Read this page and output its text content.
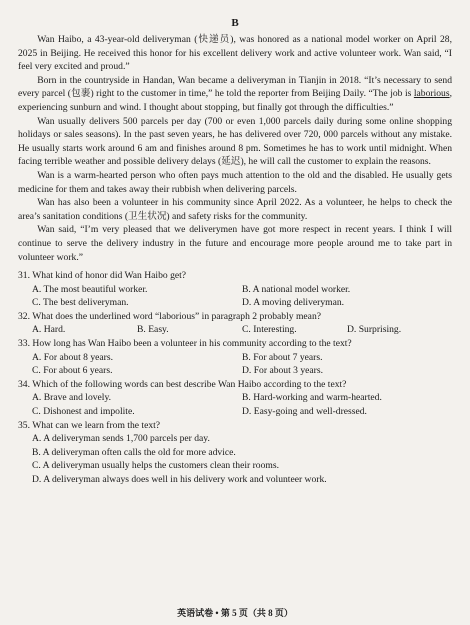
B

Wan Haibo, a 43-year-old deliveryman (快递员), was honored as a national model worker on April 28, 2025 in Beijing. He received this honor for his excellent delivery work and active volunteer work. Wan said, “I feel very excited and proud.”

Born in the countryside in Handan, Wan became a deliveryman in Tianjin in 2018. “It’s necessary to send every parcel (包裹) right to the customer in time,” he told the reporter from Beijing Daily. “The job is laborious, experiencing sunburn and wind. I thought about stopping, but finally got through the difficulties.”

Wan usually delivers 500 parcels per day (700 or even 1,000 parcels daily during some online shopping holidays or sales seasons). In the past seven years, he has delivered over 720, 000 parcels without any mistake. He usually starts work around 6 am and finishes around 8 pm. Sometimes he has to work until midnight. When facing terrible weather and possible delivery delays (延迟), he will call the customer to explain the reasons.

Wan is a warm-hearted person who often pays much attention to the old and the disabled. He usually gets medicine for them and takes away their rubbish when delivering parcels.

Wan has also been a volunteer in his community since April 2022. As a volunteer, he helps to check the area’s sanitation conditions (卫生状况) and safety risks for the community.

Wan said, “I’m very pleased that we deliverymen have got more respect in recent years. I think I will continue to serve the delivery industry in the future and encourage more people around me to take part in volunteer work.”

31. What kind of honor did Wan Haibo get?

A. The most beautiful worker.	B. A national model worker.
C. The best deliveryman.	D. A moving deliveryman.

32. What does the underlined word “laborious” in paragraph 2 probably mean?

A. Hard.	B. Easy.	C. Interesting.	D. Surprising.

33. How long has Wan Haibo been a volunteer in his community according to the text?

A. For about 8 years.	B. For about 7 years.
C. For about 6 years.	D. For about 3 years.

34. Which of the following words can best describe Wan Haibo according to the text?

A. Brave and lovely.	B. Hard-working and warm-hearted.
C. Dishonest and impolite.	D. Easy-going and well-dressed.

35. What can we learn from the text?

A. A deliveryman sends 1,700 parcels per day.
B. A deliveryman often calls the old for more advice.
C. A deliveryman usually helps the customers clean their rooms.
D. A deliveryman always does well in his delivery work and volunteer work.
英语试卷 • 第 5 页（共 8 页）
